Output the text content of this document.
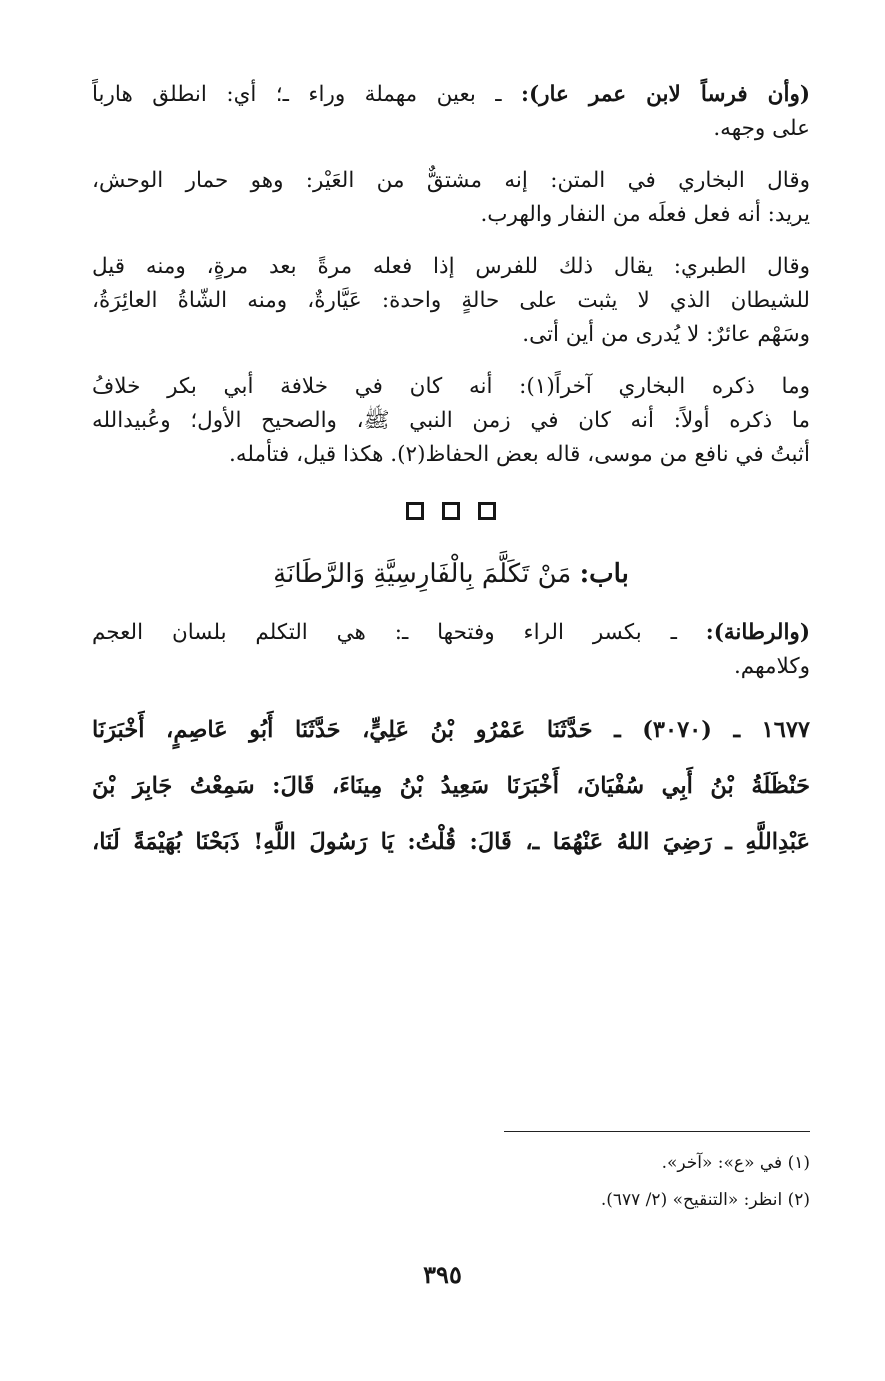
(وأن فرساً لابن عمر عار): ـ بعين مهملة وراء ـ؛ أي: انطلق هارباً
على وجهه.
وقال البخاري في المتن: إنه مشتقٌّ من العَيْر: وهو حمار الوحش،
يريد: أنه فعل فعلَه من النفار والهرب.
وقال الطبري: يقال ذلك للفرس إذا فعله مرةً بعد مرةٍ، ومنه قيل
للشيطان الذي لا يثبت على حالةٍ واحدة: عَيَّارةٌ، ومنه الشّاةُ العائِرَةُ،
وسَهْم عائرٌ: لا يُدرى من أين أتى.
وما ذكره البخاري آخراً(١): أنه كان في خلافة أبي بكر خلافُ
ما ذكره أولاً: أنه كان في زمن النبي ﷺ، والصحيح الأول؛ وعُبيدالله
أثبتُ في نافع من موسى، قاله بعض الحفاظ(٢). هكذا قيل، فتأمله.
باب: مَنْ تَكَلَّمَ بِالْفَارِسِيَّةِ وَالرَّطَانَةِ
(والرطانة): ـ بكسر الراء وفتحها ـ: هي التكلم بلسان العجم
وكلامهم.
١٦٧٧ ـ (٣٠٧٠) ـ حَدَّثَنَا عَمْرُو بْنُ عَلِيٍّ، حَدَّثَنَا أَبُو عَاصِمٍ، أَخْبَرَنَا
حَنْظَلَةُ بْنُ أَبِي سُفْيَانَ، أَخْبَرَنَا سَعِيدُ بْنُ مِينَاءَ، قَالَ: سَمِعْتُ جَابِرَ بْنَ
عَبْدِاللَّهِ ـ رَضِيَ اللهُ عَنْهُمَا ـ، قَالَ: قُلْتُ: يَا رَسُولَ اللَّهِ! ذَبَحْنَا بُهَيْمَةً لَنَا،
(١) في «ع»: «آخر».
(٢) انظر: «التنقيح» (٢/ ٦٧٧).
٣٩٥
